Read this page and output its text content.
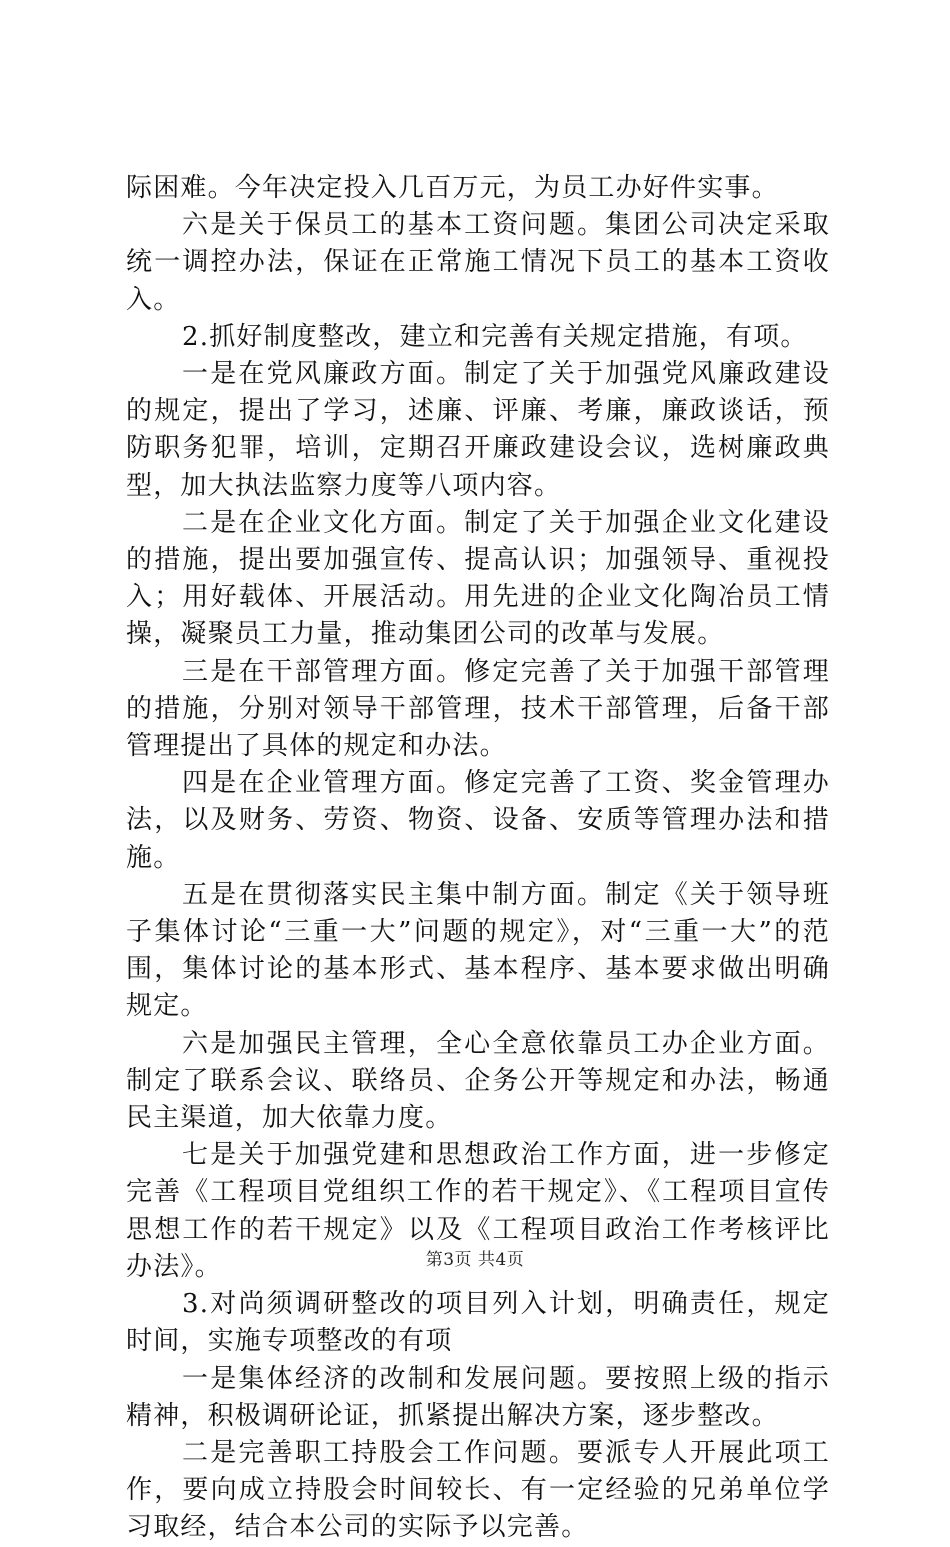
际困难。今年决定投入几百万元，为员工办好件实事。

六是关于保员工的基本工资问题。集团公司决定采取统一调控办法，保证在正常施工情况下员工的基本工资收入。

2.抓好制度整改，建立和完善有关规定措施，有项。

一是在党风廉政方面。制定了关于加强党风廉政建设的规定，提出了学习，述廉、评廉、考廉，廉政谈话，预防职务犯罪，培训，定期召开廉政建设会议，选树廉政典型，加大执法监察力度等八项内容。

二是在企业文化方面。制定了关于加强企业文化建设的措施，提出要加强宣传、提高认识；加强领导、重视投入；用好载体、开展活动。用先进的企业文化陶冶员工情操，凝聚员工力量，推动集团公司的改革与发展。

三是在干部管理方面。修定完善了关于加强干部管理的措施，分别对领导干部管理，技术干部管理，后备干部管理提出了具体的规定和办法。

四是在企业管理方面。修定完善了工资、奖金管理办法，以及财务、劳资、物资、设备、安质等管理办法和措施。

五是在贯彻落实民主集中制方面。制定《关于领导班子集体讨论“三重一大”问题的规定》，对“三重一大”的范围，集体讨论的基本形式、基本程序、基本要求做出明确规定。

六是加强民主管理，全心全意依靠员工办企业方面。制定了联系会议、联络员、企务公开等规定和办法，畅通民主渠道，加大依靠力度。

七是关于加强党建和思想政治工作方面，进一步修定完善《工程项目党组织工作的若干规定》、《工程项目宣传思想工作的若干规定》以及《工程项目政治工作考核评比办法》。

3.对尚须调研整改的项目列入计划，明确责任，规定时间，实施专项整改的有项

一是集体经济的改制和发展问题。要按照上级的指示精神，积极调研论证，抓紧提出解决方案，逐步整改。

二是完善职工持股会工作问题。要派专人开展此项工作，要向成立持股会时间较长、有一定经验的兄弟单位学习取经，结合本公司的实际予以完善。

第3页 共4页
